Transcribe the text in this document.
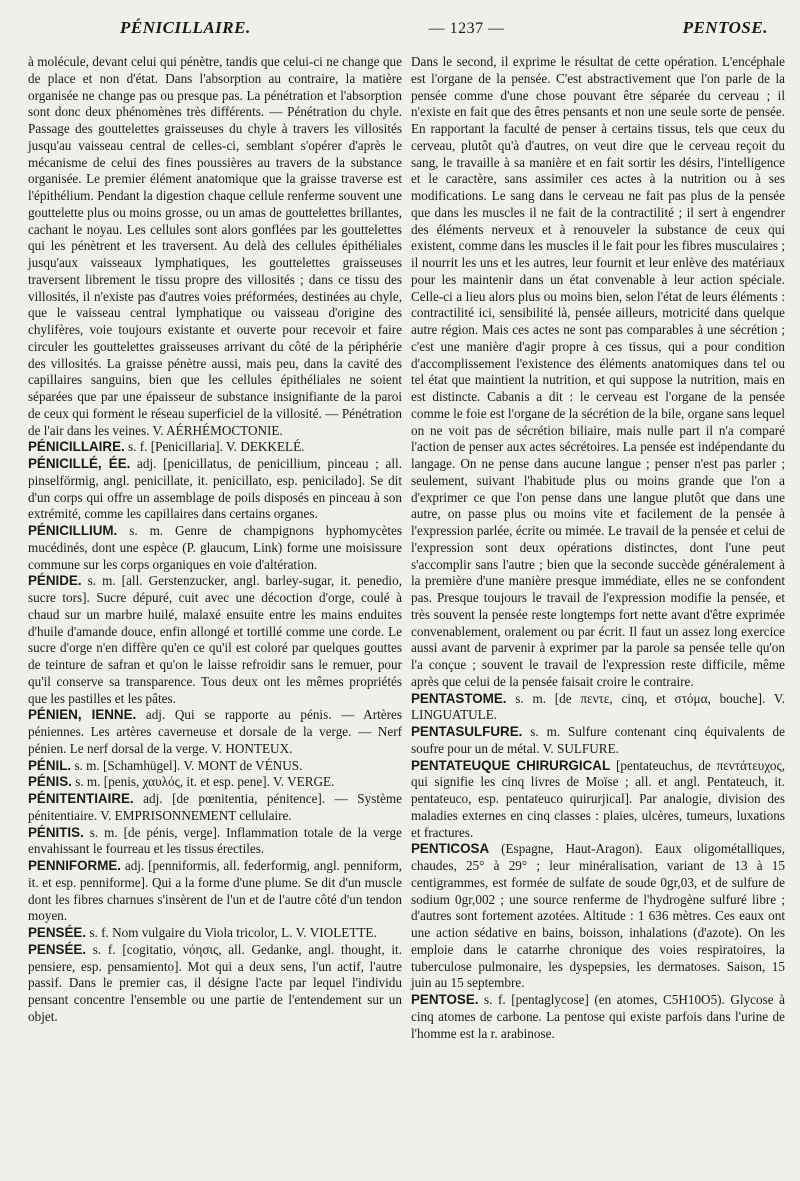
PÉNICILLAIRE.	— 1237 —	PENTOSE.

à molécule, devant celui qui pénètre, tandis que celui-ci ne change que de place et non d'état. Dans l'absorption au contraire, la matière organisée ne change pas ou presque pas. La pénétration et l'absorption sont donc deux phénomènes très différents. — Pénétration du chyle. Passage des gouttelettes graisseuses du chyle à travers les villosités jusqu'au vaisseau central de celles-ci, semblant s'opérer d'après le mécanisme de celui des fines poussières au travers de la substance organisée. Le premier élément anatomique que la graisse traverse est l'épithélium. Pendant la digestion chaque cellule renferme souvent une gouttelette plus ou moins grosse, ou un amas de gouttelettes brillantes, cachant le noyau. Les cellules sont alors gonflées par les gouttelettes qui les pénètrent et les traversent. Au delà des cellules épithéliales jusqu'aux vaisseaux lymphatiques, les gouttelettes graisseuses traversent librement le tissu propre des villosités ; dans ce tissu des villosités, il n'existe pas d'autres voies préformées, destinées au chyle, que le vaisseau central lymphatique ou vaisseau d'origine des chylifères, voie toujours existante et ouverte pour recevoir et faire circuler les gouttelettes graisseuses arrivant du côté de la périphérie des villosités. La graisse pénètre aussi, mais peu, dans la cavité des capillaires sanguins, bien que les cellules épithéliales ne soient séparées que par une épaisseur de substance insignifiante de la paroi de ceux qui forment le réseau superficiel de la villosité. — Pénétration de l'air dans les veines. V. AÉRHÉMOCTONIE.

PÉNICILLAIRE. s. f. [Penicillaria]. V. DEKKELÉ.

PÉNICILLÉ, ÉE. adj. [penicillatus, de penicillium, pinceau ; all. pinselförmig, angl. penicillate, it. penicillato, esp. penicilado]. Se dit d'un corps qui offre un assemblage de poils disposés en pinceau à son extrémité, comme les capillaires dans certains organes.

PÉNICILLIUM. s. m. Genre de champignons hyphomycètes mucédinés, dont une espèce (P. glaucum, Link) forme une moisissure commune sur les corps organiques en voie d'altération.

PÉNIDE. s. m. [all. Gerstenzucker, angl. barley-sugar, it. penedio, sucre tors]. Sucre dépuré, cuit avec une décoction d'orge, coulé à chaud sur un marbre huilé, malaxé ensuite entre les mains enduites d'huile d'amande douce, enfin allongé et tortillé comme une corde. Le sucre d'orge n'en diffère qu'en ce qu'il est coloré par quelques gouttes de teinture de safran et qu'on le laisse refroidir sans le remuer, pour qu'il conserve sa transparence. Tous deux ont les mêmes propriétés que les pastilles et les pâtes.

PÉNIEN, IENNE. adj. Qui se rapporte au pénis. — Artères péniennes. Les artères caverneuse et dorsale de la verge. — Nerf pénien. Le nerf dorsal de la verge. V. HONTEUX.

PÉNIL. s. m. [Schamhügel]. V. MONT de VÉNUS.

PÉNIS. s. m. [penis, χαυλός, it. et esp. pene]. V. VERGE.

PÉNITENTIAIRE. adj. [de pœnitentia, pénitence]. — Système pénitentiaire. V. EMPRISONNEMENT cellulaire.

PÉNITIS. s. m. [de pénis, verge]. Inflammation totale de la verge envahissant le fourreau et les tissus érectiles.

PENNIFORME. adj. [penniformis, all. federformig, angl. penniform, it. et esp. penniforme]. Qui a la forme d'une plume. Se dit d'un muscle dont les fibres charnues s'insèrent de l'un et de l'autre côté d'un tendon moyen.

PENSÉE. s. f. Nom vulgaire du Viola tricolor, L. V. VIOLETTE.

PENSÉE. s. f. [cogitatio, νόησις, all. Gedanke, angl. thought, it. pensiere, esp. pensamiento]. Mot qui a deux sens, l'un actif, l'autre passif. Dans le premier cas, il désigne l'acte par lequel l'individu pensant concentre l'ensemble ou une partie de l'entendement sur un objet.

Dans le second, il exprime le résultat de cette opération. L'encéphale est l'organe de la pensée. C'est abstractivement que l'on parle de la pensée comme d'une chose pouvant être séparée du cerveau ; il n'existe en fait que des êtres pensants et non une seule sorte de pensée. En rapportant la faculté de penser à certains tissus, tels que ceux du cerveau, plutôt qu'à d'autres, on veut dire que le cerveau reçoit du sang, le travaille à sa manière et en fait sortir les désirs, l'intelligence et le caractère, sans assimiler ces actes à la nutrition ou à ses modifications. Le sang dans le cerveau ne fait pas plus de la pensée que dans les muscles il ne fait de la contractilité ; il sert à engendrer des éléments nerveux et à renouveler la substance de ceux qui existent, comme dans les muscles il le fait pour les fibres musculaires ; il nourrit les uns et les autres, leur fournit et leur enlève des matériaux pour les maintenir dans un état convenable à leur action spéciale. Celle-ci a lieu alors plus ou moins bien, selon l'état de leurs éléments : contractilité ici, sensibilité là, pensée ailleurs, motricité dans quelque autre région. Mais ces actes ne sont pas comparables à une sécrétion ; c'est une manière d'agir propre à ces tissus, qui a pour condition d'accomplissement l'existence des éléments anatomiques dans tel ou tel état que maintient la nutrition, et qui suppose la nutrition, mais en est distincte. Cabanis a dit : le cerveau est l'organe de la pensée comme le foie est l'organe de la sécrétion de la bile, organe sans lequel on ne voit pas de sécrétion biliaire, mais nulle part il n'a comparé l'action de penser aux actes sécrétoires. La pensée est indépendante du langage. On ne pense dans aucune langue ; penser n'est pas parler ; seulement, suivant l'habitude plus ou moins grande que l'on a d'exprimer ce que l'on pense dans une langue plutôt que dans une autre, on passe plus ou moins vite et facilement de la pensée à l'expression parlée, écrite ou mimée. Le travail de la pensée et celui de l'expression sont deux opérations distinctes, dont l'une peut s'accomplir sans l'autre ; bien que la seconde succède généralement à la première d'une manière presque immédiate, elles ne se confondent pas. Presque toujours le travail de l'expression modifie la pensée, et très souvent la pensée reste longtemps fort nette avant d'être exprimée convenablement, oralement ou par écrit. Il faut un assez long exercice aussi avant de parvenir à exprimer par la parole sa pensée telle qu'on l'a conçue ; souvent le travail de l'expression reste difficile, même après que celui de la pensée faisait croire le contraire.

PENTASTOME. s. m. [de πεντε, cinq, et στόμα, bouche]. V. LINGUATULE.

PENTASULFURE. s. m. Sulfure contenant cinq équivalents de soufre pour un de métal. V. SULFURE.

PENTATEUQUE CHIRURGICAL [pentateuchus, de πεντάτευχος, qui signifie les cinq livres de Moïse ; all. et angl. Pentateuch, it. pentateuco, esp. pentateuco quirurjical]. Par analogie, division des maladies externes en cinq classes : plaies, ulcères, tumeurs, luxations et fractures.

PENTICOSA (Espagne, Haut-Aragon). Eaux oligométalliques, chaudes, 25° à 29° ; leur minéralisation, variant de 13 à 15 centigrammes, est formée de sulfate de soude 0gr,03, et de sulfure de sodium 0gr,002 ; une source renferme de l'hydrogène sulfuré libre ; d'autres sont fortement azotées. Altitude : 1 636 mètres. Ces eaux ont une action sédative en bains, boisson, inhalations (d'azote). On les emploie dans le catarrhe chronique des voies respiratoires, la tuberculose pulmonaire, les dyspepsies, les dermatoses. Saison, 15 juin au 15 septembre.

PENTOSE. s. f. [pentaglycose] (en atomes, C5H10O5). Glycose à cinq atomes de carbone. La pentose qui existe parfois dans l'urine de l'homme est la r. arabinose.
